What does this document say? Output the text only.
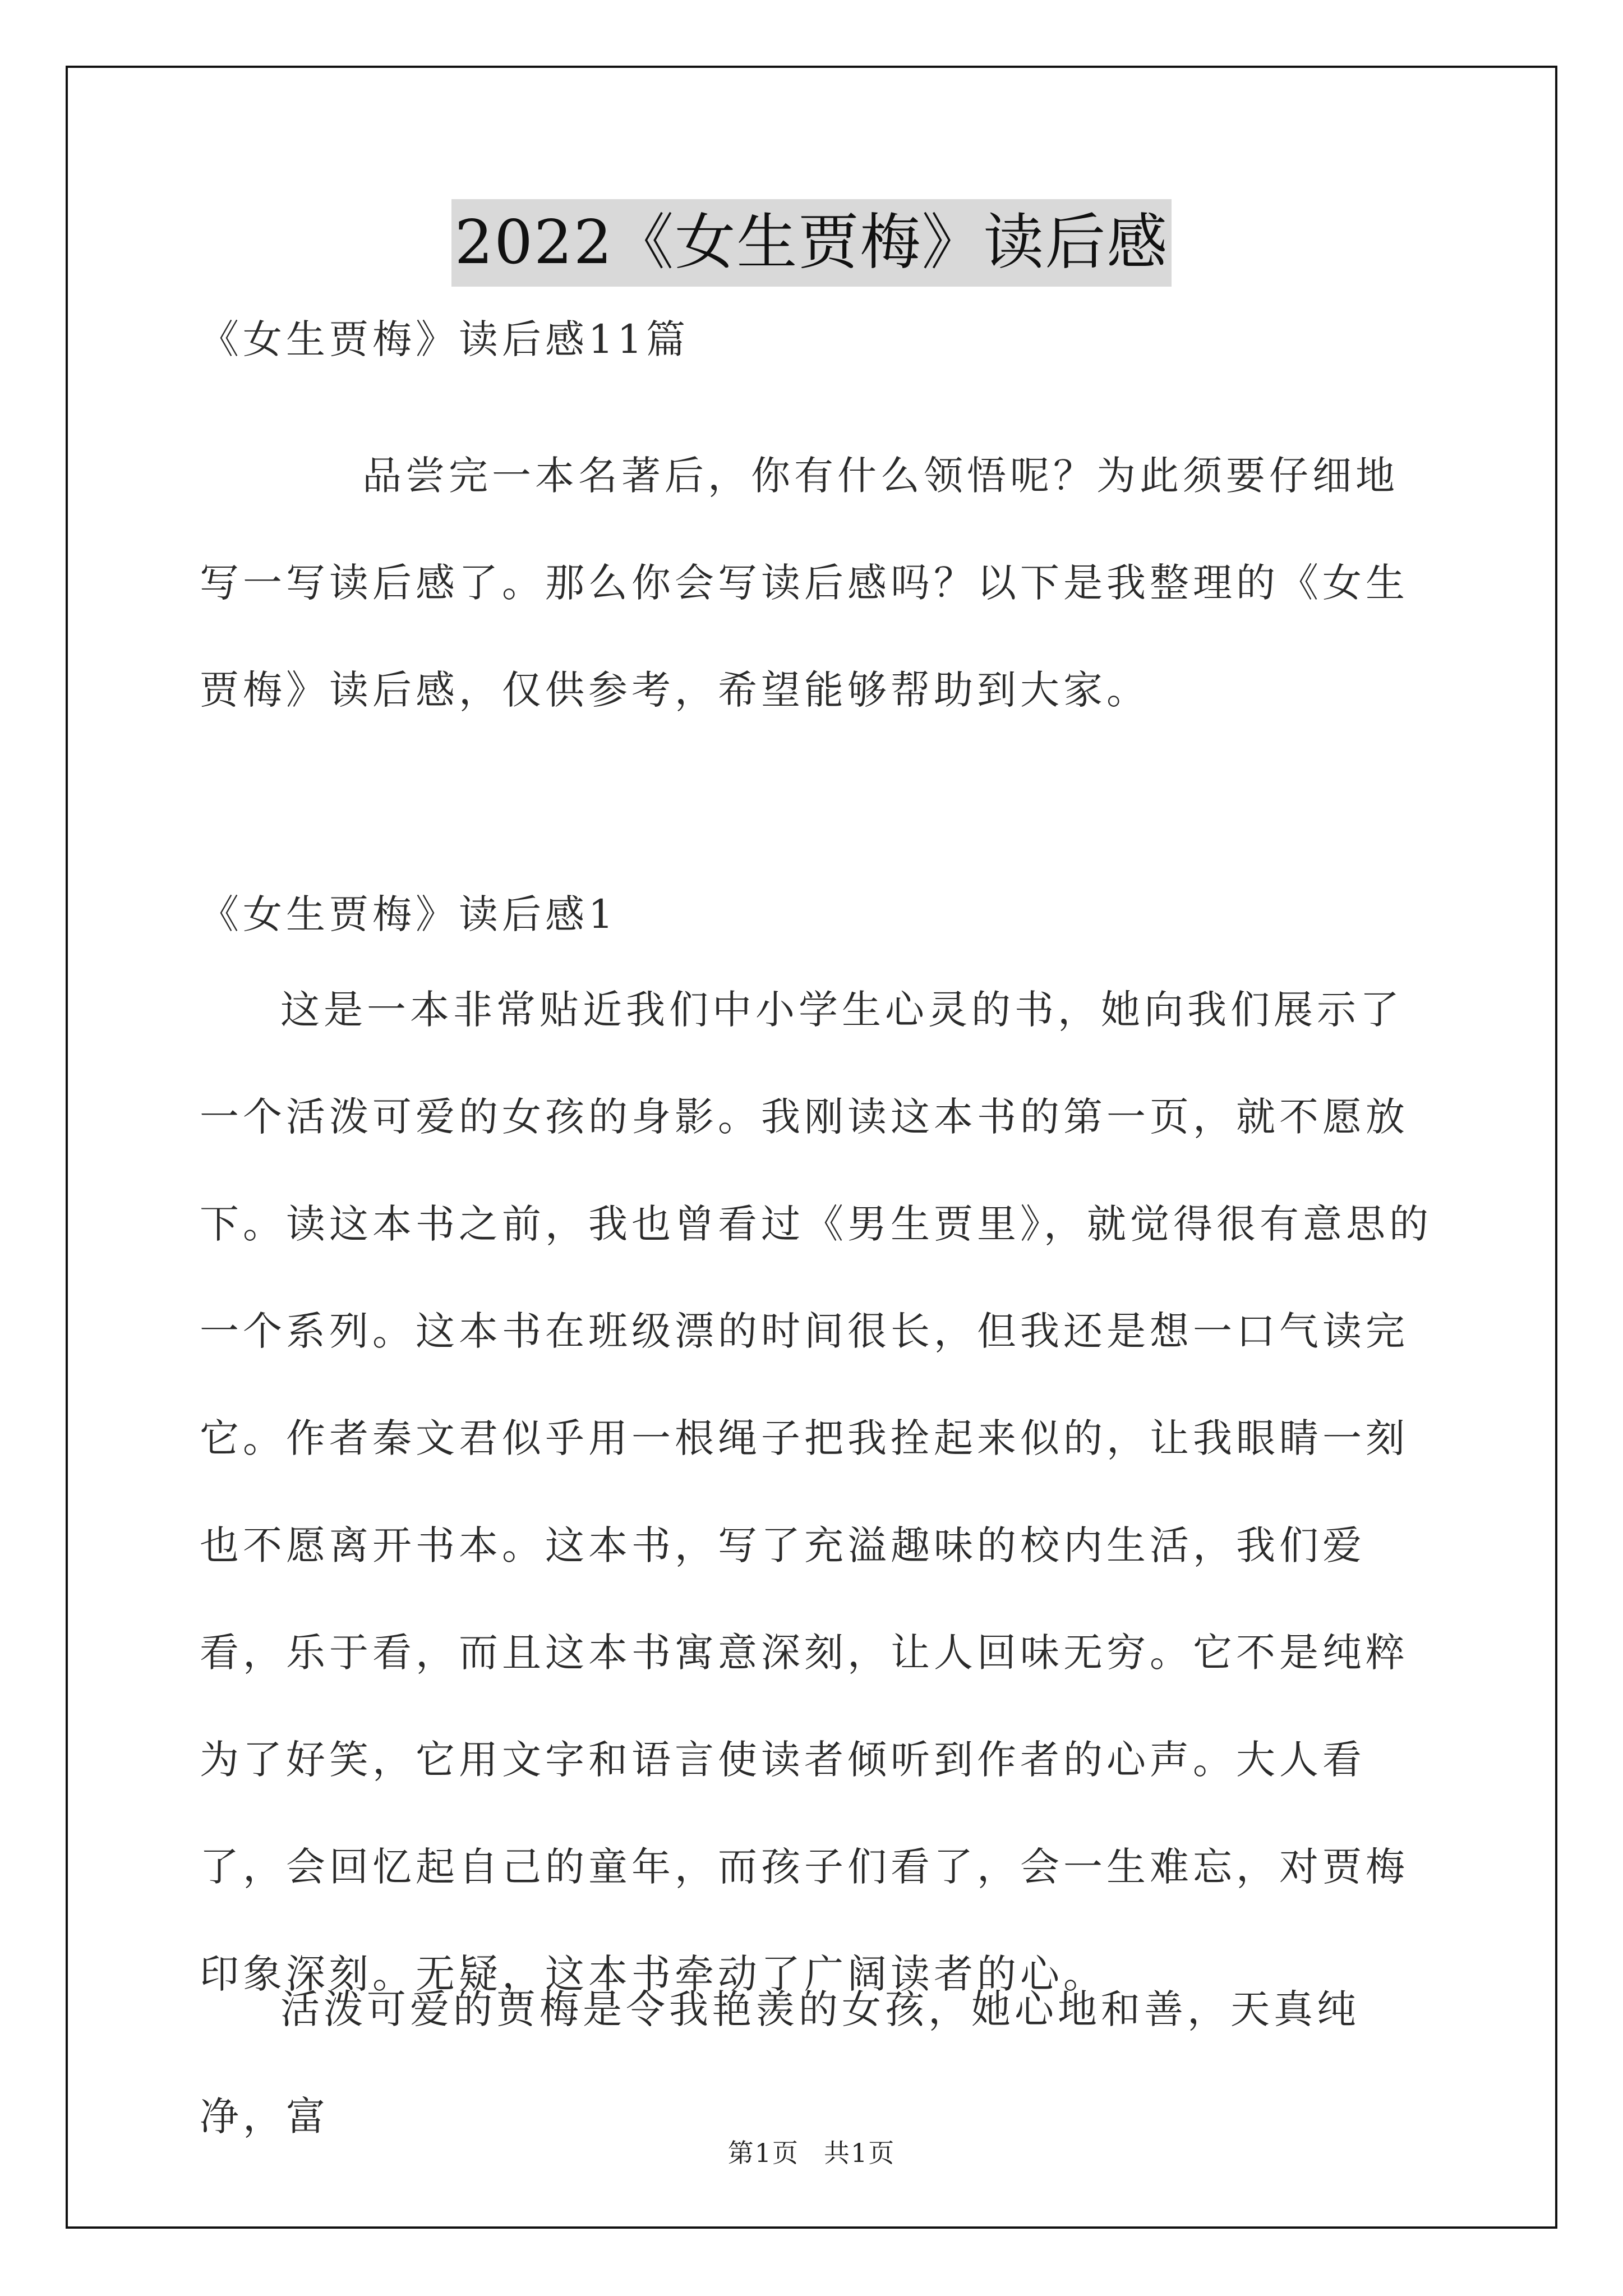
2022《女生贾梅》读后感
《女生贾梅》读后感11篇
品尝完一本名著后，你有什么领悟呢？为此须要仔细地写一写读后感了。那么你会写读后感吗？以下是我整理的《女生贾梅》读后感，仅供参考，希望能够帮助到大家。
《女生贾梅》读后感1
这是一本非常贴近我们中小学生心灵的书，她向我们展示了一个活泼可爱的女孩的身影。我刚读这本书的第一页，就不愿放下。读这本书之前，我也曾看过《男生贾里》，就觉得很有意思的一个系列。这本书在班级漂的时间很长，但我还是想一口气读完它。作者秦文君似乎用一根绳子把我拴起来似的，让我眼睛一刻也不愿离开书本。这本书，写了充溢趣味的校内生活，我们爱看，乐于看，而且这本书寓意深刻，让人回味无穷。它不是纯粹为了好笑，它用文字和语言使读者倾听到作者的心声。大人看了，会回忆起自己的童年，而孩子们看了，会一生难忘，对贾梅印象深刻。无疑，这本书牵动了广阔读者的心。
活泼可爱的贾梅是令我艳羡的女孩，她心地和善，天真纯净，富
第1页 共1页
